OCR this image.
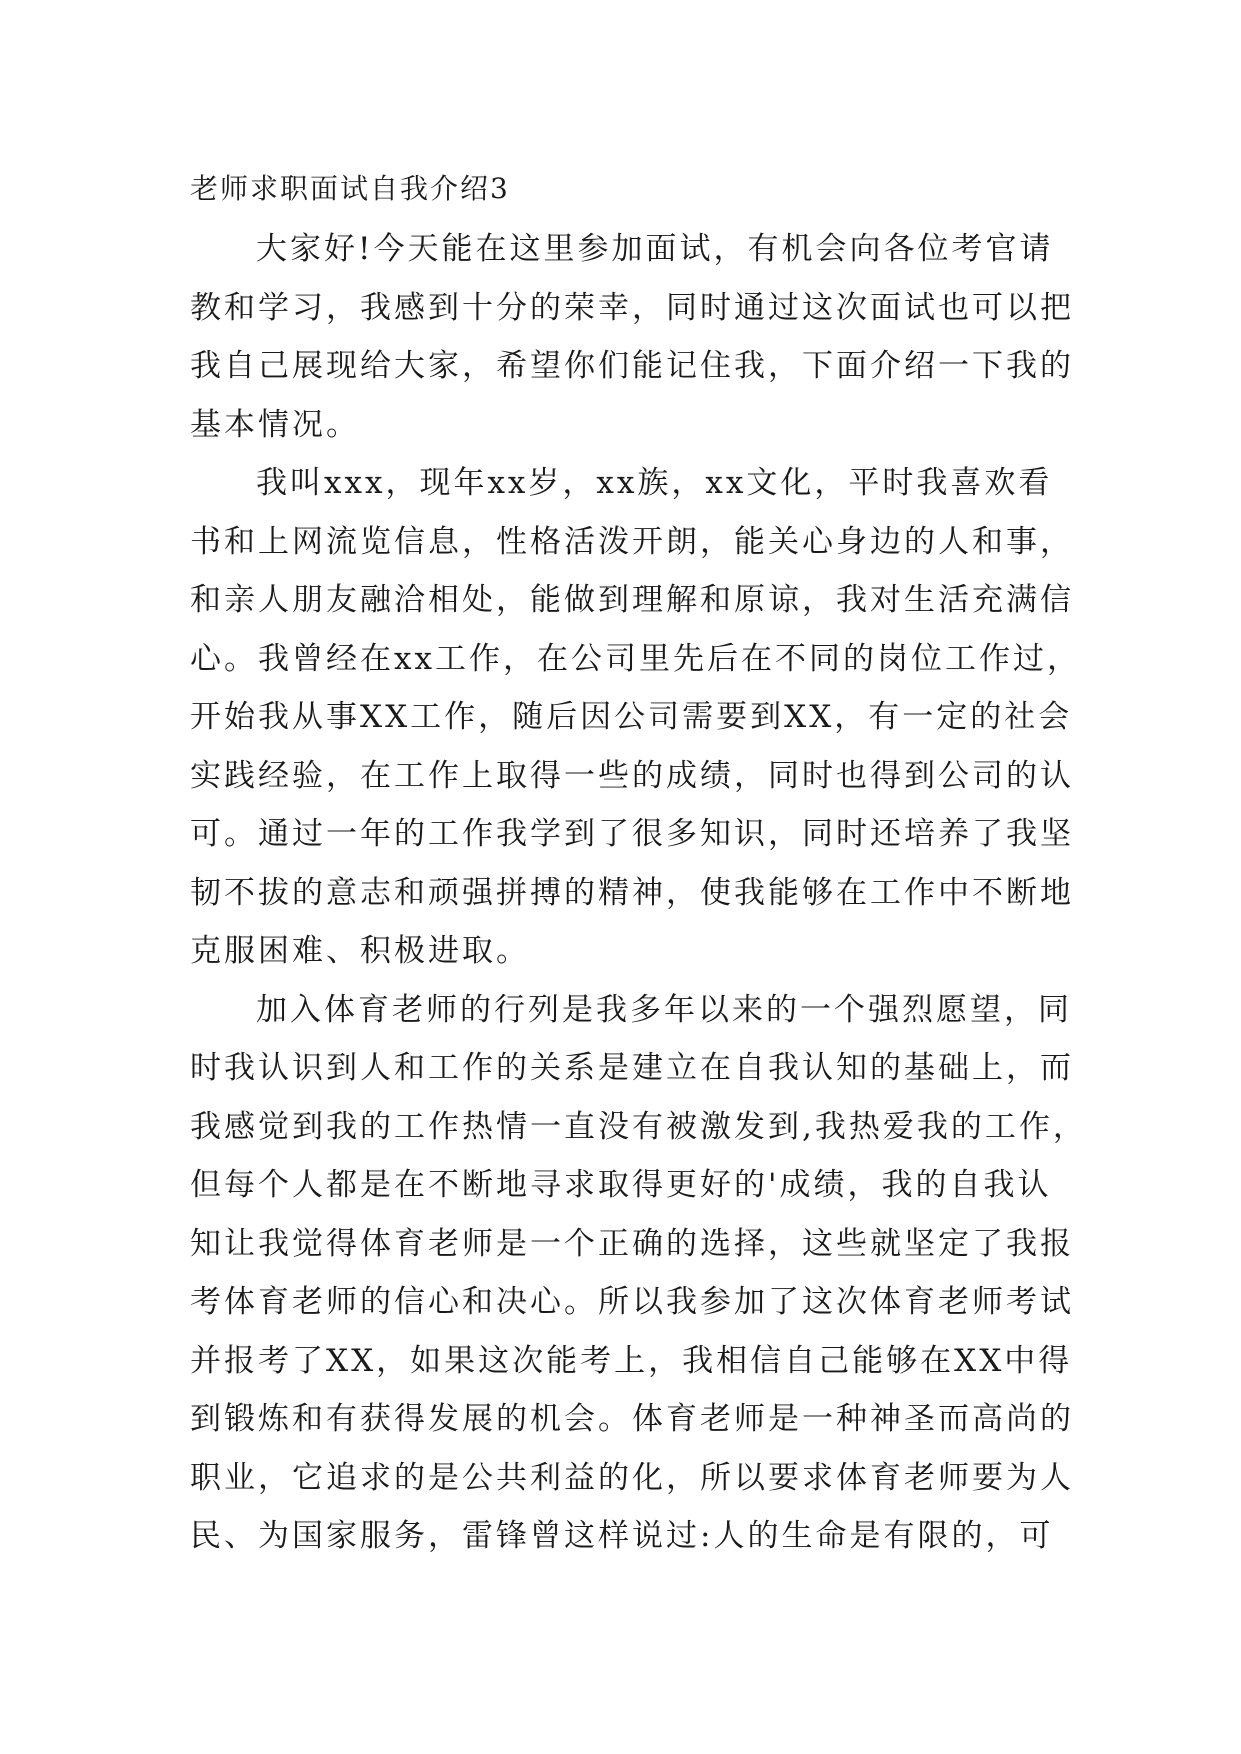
老师求职面试自我介绍3
大家好!今天能在这里参加面试，有机会向各位考官请
教和学习，我感到十分的荣幸，同时通过这次面试也可以把
我自己展现给大家，希望你们能记住我，下面介绍一下我的
基本情况。
我叫xxx，现年xx岁，xx族，xx文化，平时我喜欢看
书和上网流览信息，性格活泼开朗，能关心身边的人和事，
和亲人朋友融洽相处，能做到理解和原谅，我对生活充满信
心。我曾经在xx工作，在公司里先后在不同的岗位工作过，
开始我从事XX工作，随后因公司需要到XX，有一定的社会
实践经验，在工作上取得一些的成绩，同时也得到公司的认
可。通过一年的工作我学到了很多知识，同时还培养了我坚
韧不拔的意志和顽强拼搏的精神，使我能够在工作中不断地
克服困难、积极进取。
加入体育老师的行列是我多年以来的一个强烈愿望，同
时我认识到人和工作的关系是建立在自我认知的基础上，而
我感觉到我的工作热情一直没有被激发到,我热爱我的工作，
但每个人都是在不断地寻求取得更好的'成绩，我的自我认
知让我觉得体育老师是一个正确的选择，这些就坚定了我报
考体育老师的信心和决心。所以我参加了这次体育老师考试
并报考了XX，如果这次能考上，我相信自己能够在XX中得
到锻炼和有获得发展的机会。体育老师是一种神圣而高尚的
职业，它追求的是公共利益的化，所以要求体育老师要为人
民、为国家服务，雷锋曾这样说过:人的生命是有限的，可
